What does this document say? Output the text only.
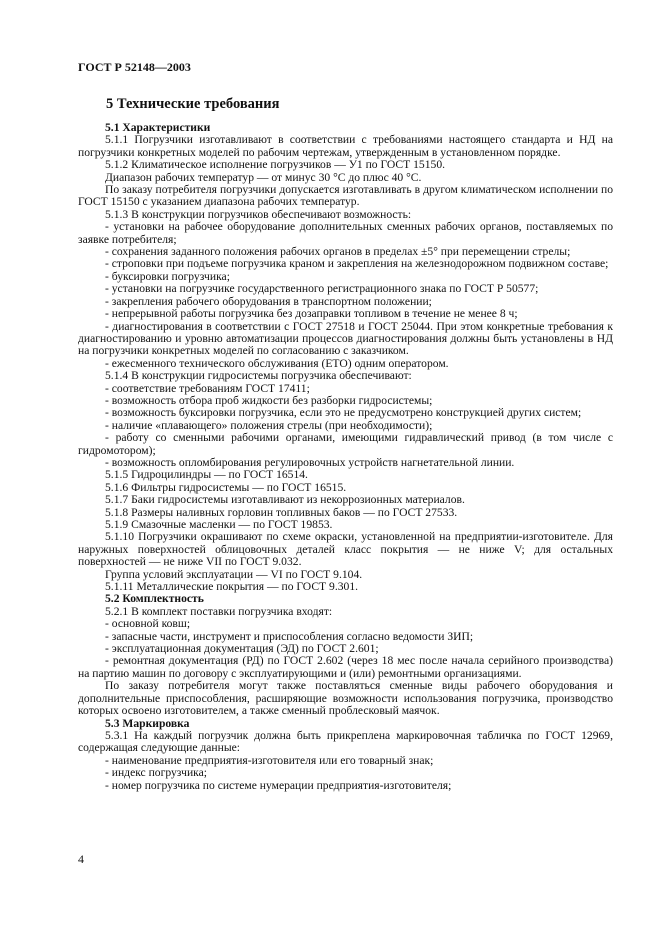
ГОСТ Р 52148—2003
5 Технические требования

5.1 Характеристики

5.1.1 Погрузчики изготавливают в соответствии с требованиями настоящего стандарта и НД на погрузчики конкретных моделей по рабочим чертежам, утвержденным в установленном порядке.

5.1.2 Климатическое исполнение погрузчиков — У1 по ГОСТ 15150.

Диапазон рабочих температур — от минус 30 °С до плюс 40 °С.

По заказу потребителя погрузчики допускается изготавливать в другом климатическом исполнении по ГОСТ 15150 с указанием диапазона рабочих температур.

5.1.3 В конструкции погрузчиков обеспечивают возможность:

- установки на рабочее оборудование дополнительных сменных рабочих органов, поставляемых по заявке потребителя;

- сохранения заданного положения рабочих органов в пределах ±5° при перемещении стрелы;

- строповки при подъеме погрузчика краном и закрепления на железнодорожном подвижном составе;

- буксировки погрузчика;

- установки на погрузчике государственного регистрационного знака по ГОСТ Р 50577;

- закрепления рабочего оборудования в транспортном положении;

- непрерывной работы погрузчика без дозаправки топливом в течение не менее 8 ч;

- диагностирования в соответствии с ГОСТ 27518 и ГОСТ 25044. При этом конкретные требования к диагностированию и уровню автоматизации процессов диагностирования должны быть установлены в НД на погрузчики конкретных моделей по согласованию с заказчиком.

- ежесменного технического обслуживания (ЕТО) одним оператором.

5.1.4 В конструкции гидросистемы погрузчика обеспечивают:

- соответствие требованиям ГОСТ 17411;

- возможность отбора проб жидкости без разборки гидросистемы;

- возможность буксировки погрузчика, если это не предусмотрено конструкцией других систем;

- наличие «плавающего» положения стрелы (при необходимости);

- работу со сменными рабочими органами, имеющими гидравлический привод (в том числе с гидромотором);

- возможность опломбирования регулировочных устройств нагнетательной линии.

5.1.5 Гидроцилиндры — по ГОСТ 16514.

5.1.6 Фильтры гидросистемы — по ГОСТ 16515.

5.1.7 Баки гидросистемы изготавливают из некоррозионных материалов.

5.1.8 Размеры наливных горловин топливных баков — по ГОСТ 27533.

5.1.9 Смазочные масленки — по ГОСТ 19853.

5.1.10 Погрузчики окрашивают по схеме окраски, установленной на предприятии-изготовителе. Для наружных поверхностей облицовочных деталей класс покрытия — не ниже V; для остальных поверхностей — не ниже VII по ГОСТ 9.032.

Группа условий эксплуатации — VI по ГОСТ 9.104.

5.1.11 Металлические покрытия — по ГОСТ 9.301.

5.2 Комплектность

5.2.1 В комплект поставки погрузчика входят:

- основной ковш;

- запасные части, инструмент и приспособления согласно ведомости ЗИП;

- эксплуатационная документация (ЭД) по ГОСТ 2.601;

- ремонтная документация (РД) по ГОСТ 2.602 (через 18 мес после начала серийного производства) на партию машин по договору с эксплуатирующими и (или) ремонтными организациями.

По заказу потребителя могут также поставляться сменные виды рабочего оборудования и дополнительные приспособления, расширяющие возможности использования погрузчика, производство которых освоено изготовителем, а также сменный проблесковый маячок.

5.3 Маркировка

5.3.1 На каждый погрузчик должна быть прикреплена маркировочная табличка по ГОСТ 12969, содержащая следующие данные:

- наименование предприятия-изготовителя или его товарный знак;

- индекс погрузчика;

- номер погрузчика по системе нумерации предприятия-изготовителя;

4
